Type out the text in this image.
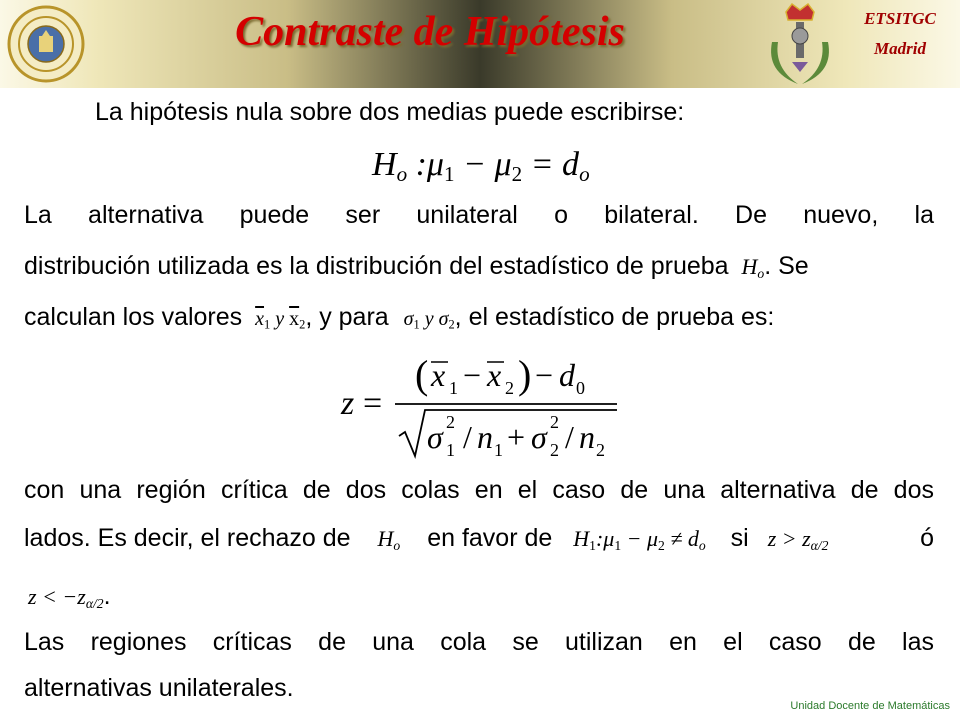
Contraste de Hipótesis	ETSITGC
Madrid
La hipótesis nula sobre dos medias puede escribirse:
$H_o$ $:\mu_1 - \mu_2 = d_o$
La alternativa puede ser unilateral o bilateral. De nuevo, la
distribución utilizada es la distribución del estadístico de prueba $H_o$. Se
calculan los valores $\overline{x}_1$ y $\overline{x}_2$, y para $\sigma_1$ y $\sigma_2$, el estadístico de prueba es:
z =
( x 1 − x 2 ) − d 0
σ 2
1 / n 1 + σ 2
2 / n 2
con una región crítica de dos colas en el caso de una alternativa de dos
lados. Es decir, el rechazo de $H_o$ en favor de $H_1:\mu_1 - \mu_2 \ne d_o$ si $z > z_{\alpha/2}$	ó
$z < -z_{\alpha/2}$.
Las regiones críticas de una cola se utilizan en el caso de las
alternativas unilaterales.
Unidad Docente de Matemáticas
